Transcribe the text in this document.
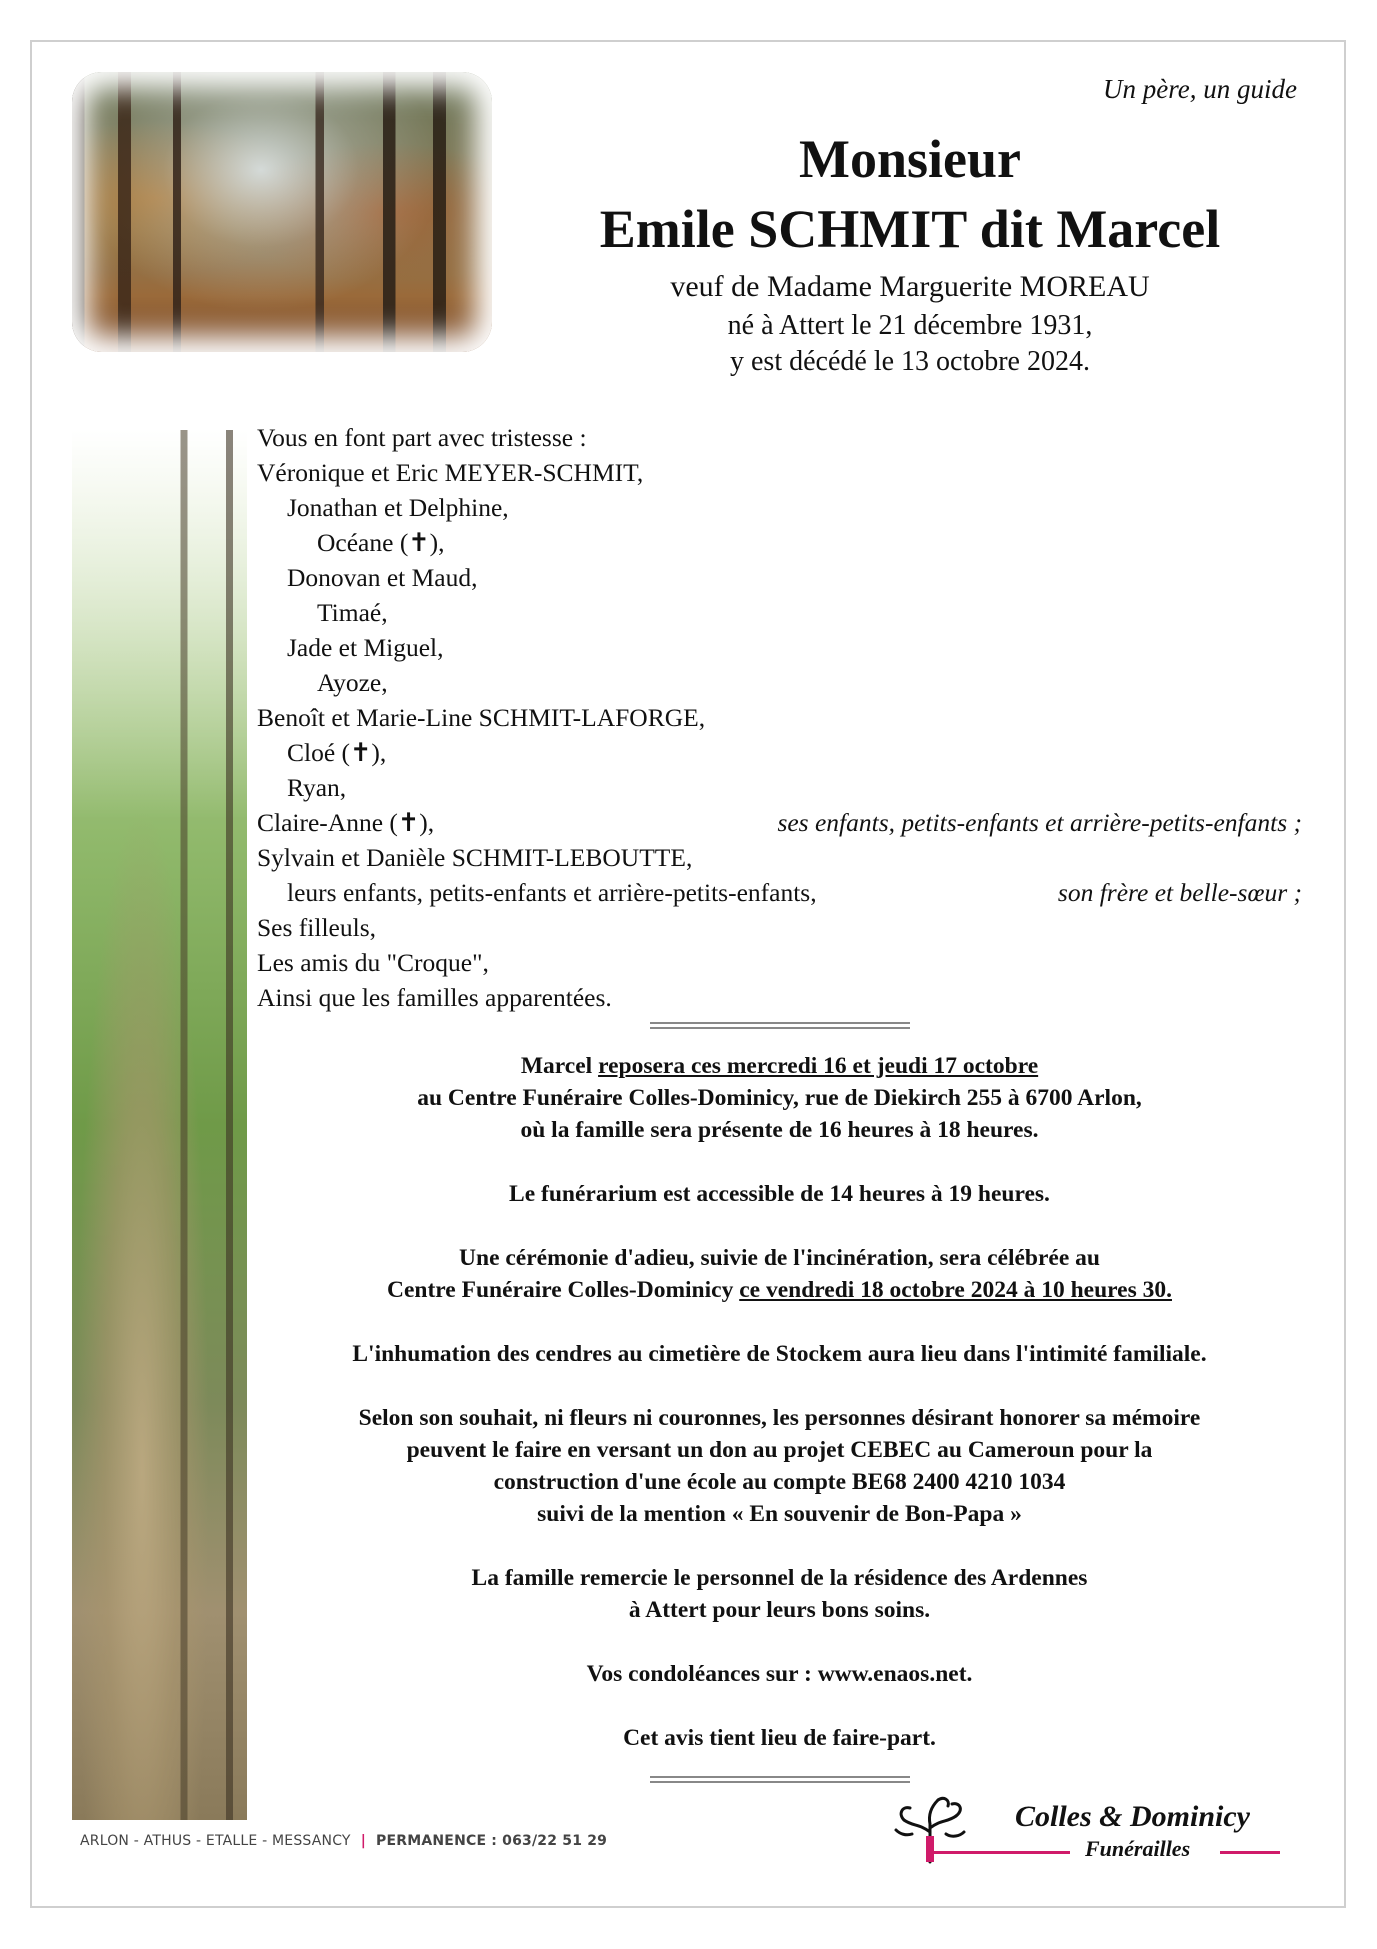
Un père, un guide
Monsieur
Emile SCHMIT dit Marcel
veuf de Madame Marguerite MOREAU
né à Attert le 21 décembre 1931,
y est décédé le 13 octobre 2024.
Vous en font part avec tristesse :
Véronique et Eric MEYER-SCHMIT,
Jonathan et Delphine,
Océane (✝),
Donovan et Maud,
Timaé,
Jade et Miguel,
Ayoze,
Benoît et Marie-Line SCHMIT-LAFORGE,
Cloé (✝),
Ryan,
Claire-Anne (✝),	ses enfants, petits-enfants et arrière-petits-enfants ;
Sylvain et Danièle SCHMIT-LEBOUTTE,
leurs enfants, petits-enfants et arrière-petits-enfants,	son frère et belle-sœur ;
Ses filleuls,
Les amis du "Croque",
Ainsi que les familles apparentées.

Marcel reposera ces mercredi 16 et jeudi 17 octobre

au Centre Funéraire Colles-Dominicy, rue de Diekirch 255 à 6700 Arlon,

où la famille sera présente de 16 heures à 18 heures.

Le funérarium est accessible de 14 heures à 19 heures.

Une cérémonie d'adieu, suivie de l'incinération, sera célébrée au

Centre Funéraire Colles-Dominicy ce vendredi 18 octobre 2024 à 10 heures 30.

L'inhumation des cendres au cimetière de Stockem aura lieu dans l'intimité familiale.

Selon son souhait, ni fleurs ni couronnes, les personnes désirant honorer sa mémoire

peuvent le faire en versant un don au projet CEBEC au Cameroun pour la

construction d'une école au compte BE68 2400 4210 1034

suivi de la mention « En souvenir de Bon-Papa »

La famille remercie le personnel de la résidence des Ardennes

à Attert pour leurs bons soins.

Vos condoléances sur : www.enaos.net.

Cet avis tient lieu de faire-part.

ARLON - ATHUS - ETALLE - MESSANCY | PERMANENCE : 063/22 51 29
Colles & Dominicy
Funérailles
